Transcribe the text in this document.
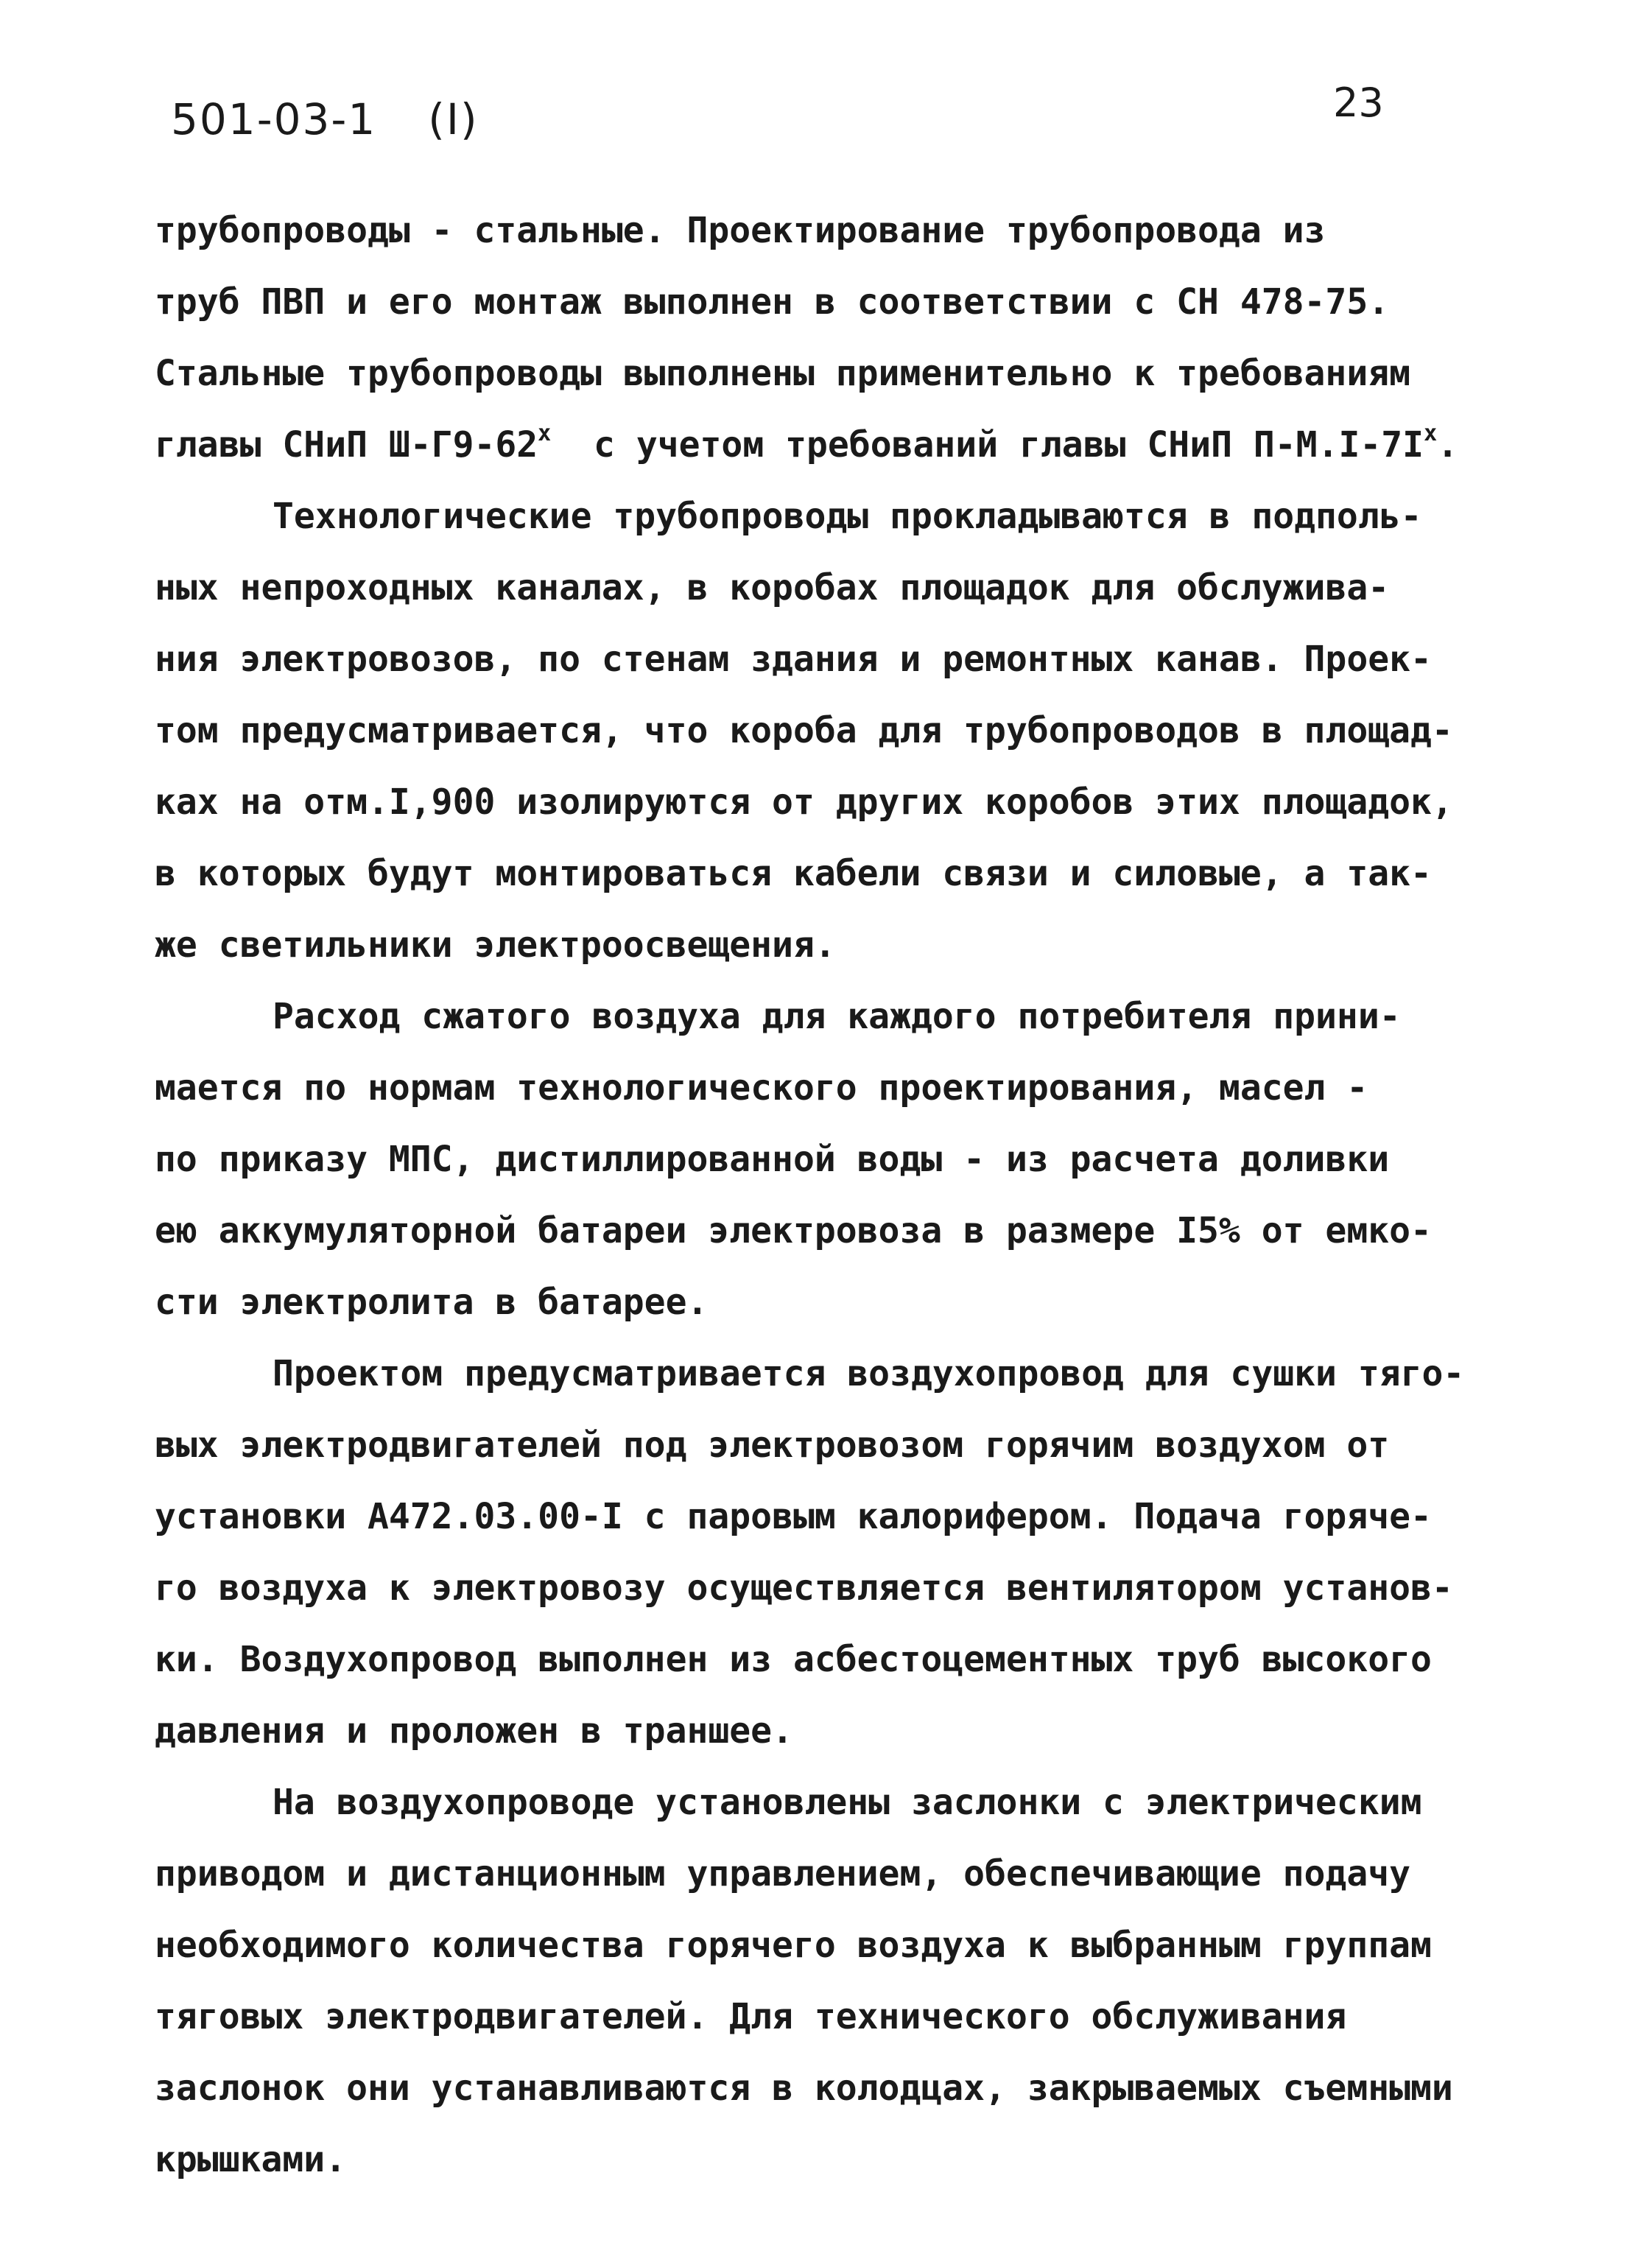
501-03-1 (I)	23
трубопроводы - стальные. Проектирование трубопровода из
труб ПВП и его монтаж выполнен в соответствии с СН 478-75.
Стальные трубопроводы выполнены применительно к требованиям
главы СНиП Ш-Г9-62$^x$  с учетом требований главы СНиП $П-М.I-7I^x$.
Технологические трубопроводы прокладываются в подполь-
ных непроходных каналах, в коробах площадок для обслужива-
ния электровозов, по стенам здания и ремонтных канав. Проек-
том предусматривается, что короба для трубопроводов в площад-
ках на отм.I,900 изолируются от других коробов этих площадок,
в которых будут монтироваться кабели связи и силовые, а так-
же светильники электроосвещения.
Расход сжатого воздуха для каждого потребителя прини-
мается по нормам технологического проектирования, масел -
по приказу МПС, дистиллированной воды - из расчета доливки
ею аккумуляторной батареи электровоза в размере I5% от емко-
сти электролита в батарее.
Проектом предусматривается воздухопровод для сушки тяго-
вых электродвигателей под электровозом горячим воздухом от
установки А472.03.00-I с паровым калорифером. Подача горяче-
го воздуха к электровозу осуществляется вентилятором установ-
ки. Воздухопровод выполнен из асбестоцементных труб высокого
давления и проложен в траншее.
На воздухопроводе установлены заслонки с электрическим
приводом и дистанционным управлением, обеспечивающие подачу
необходимого количества горячего воздуха к выбранным группам
тяговых электродвигателей. Для технического обслуживания
заслонок они устанавливаются в колодцах, закрываемых съемными
крышками.
